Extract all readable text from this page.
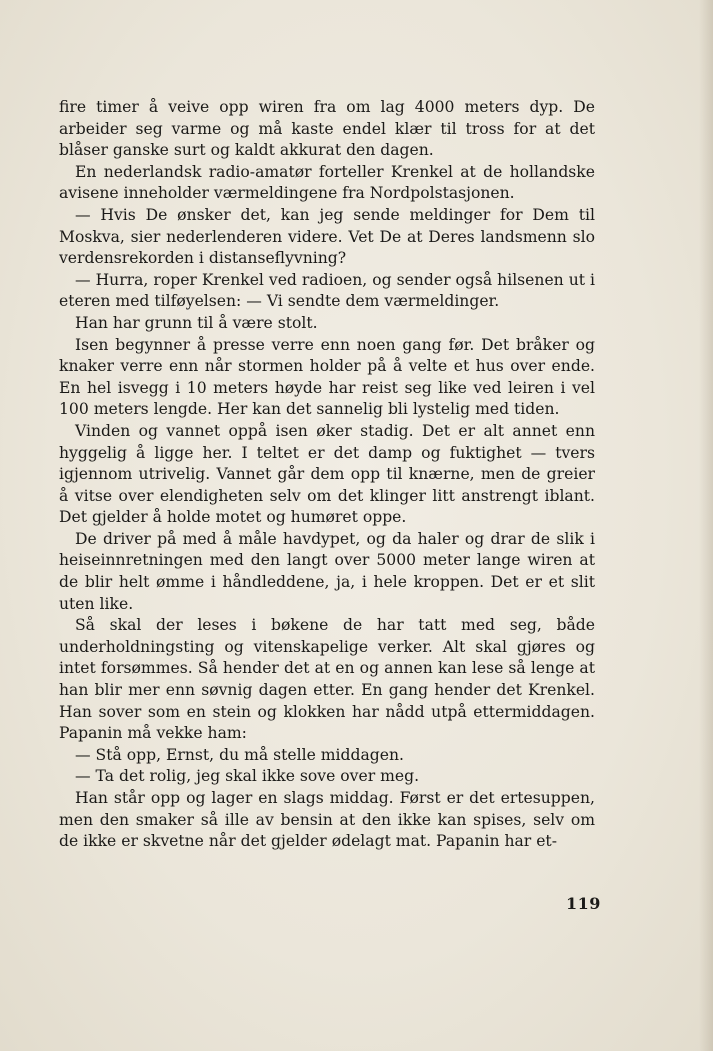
fire timer å veive opp wiren fra om lag 4000 meters dyp. De arbeider seg varme og må kaste endel klær til tross for at det blåser ganske surt og kaldt akkurat den dagen.

En nederlandsk radio-amatør forteller Krenkel at de hollandske avisene inneholder værmeldingene fra Nordpolstasjonen.

— Hvis De ønsker det, kan jeg sende meldinger for Dem til Moskva, sier nederlenderen videre. Vet De at Deres landsmenn slo verdensrekorden i distanseflyvning?

— Hurra, roper Krenkel ved radioen, og sender også hilsenen ut i eteren med tilføyelsen: — Vi sendte dem værmeldinger.

Han har grunn til å være stolt.

Isen begynner å presse verre enn noen gang før. Det bråker og knaker verre enn når stormen holder på å velte et hus over ende. En hel isvegg i 10 meters høyde har reist seg like ved leiren i vel 100 meters lengde. Her kan det sannelig bli lystelig med tiden.

Vinden og vannet oppå isen øker stadig. Det er alt annet enn hyggelig å ligge her. I teltet er det damp og fuktighet — tvers igjennom utrivelig. Vannet går dem opp til knærne, men de greier å vitse over elendigheten selv om det klinger litt anstrengt iblant. Det gjelder å holde motet og humøret oppe.

De driver på med å måle havdypet, og da haler og drar de slik i heiseinnretningen med den langt over 5000 meter lange wiren at de blir helt ømme i håndleddene, ja, i hele kroppen. Det er et slit uten like.

Så skal der leses i bøkene de har tatt med seg, både underholdningsting og vitenskapelige verker. Alt skal gjøres og intet forsømmes. Så hender det at en og annen kan lese så lenge at han blir mer enn søvnig dagen etter. En gang hender det Krenkel. Han sover som en stein og klokken har nådd utpå ettermiddagen. Papanin må vekke ham:

— Stå opp, Ernst, du må stelle middagen.

— Ta det rolig, jeg skal ikke sove over meg.

Han står opp og lager en slags middag. Først er det ertesuppen, men den smaker så ille av bensin at den ikke kan spises, selv om de ikke er skvetne når det gjelder ødelagt mat. Papanin har et-

119
